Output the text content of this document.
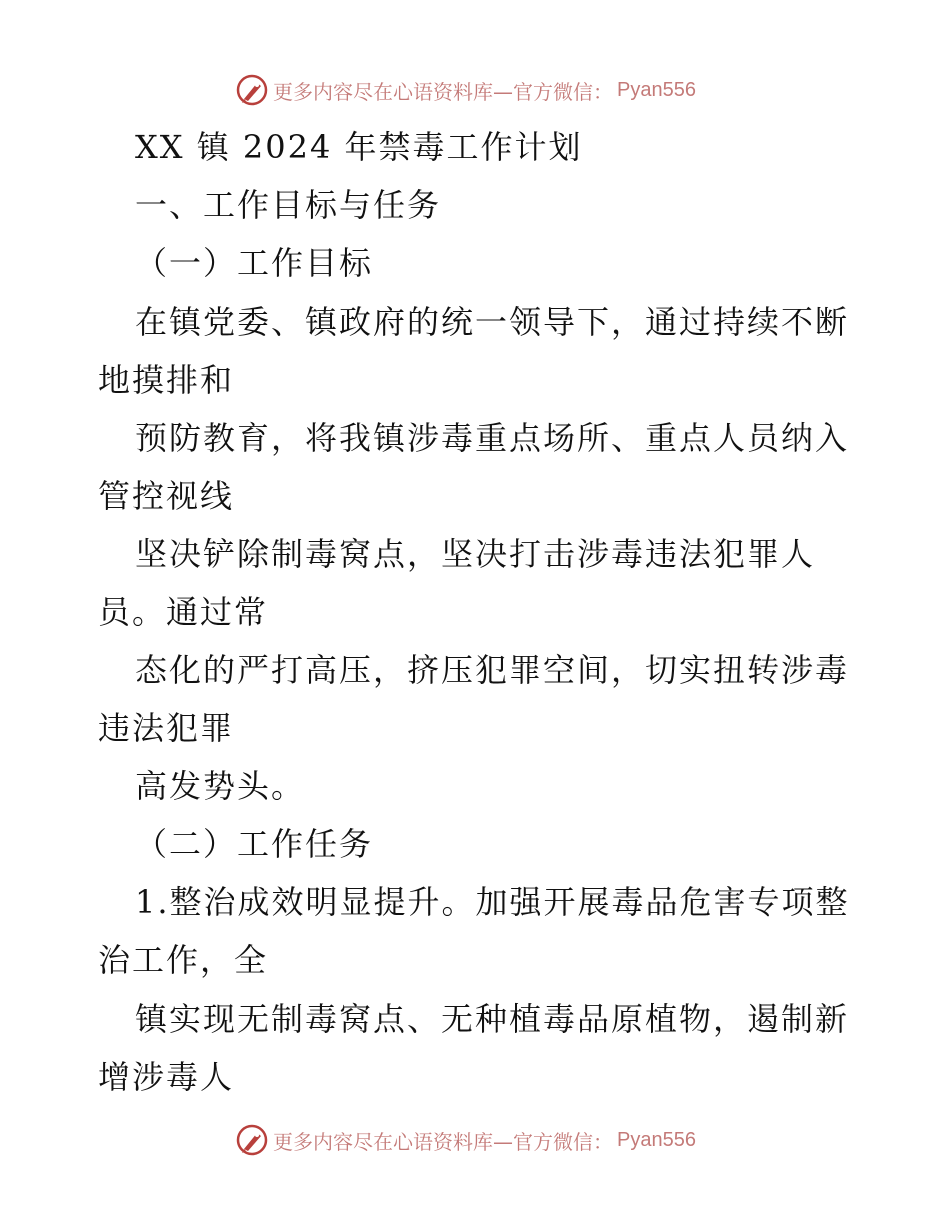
更多内容尽在心语资料库—官方微信： Pyan556
XX 镇 2024 年禁毒工作计划
一、工作目标与任务
（一）工作目标
在镇党委、镇政府的统一领导下，通过持续不断
地摸排和
预防教育，将我镇涉毒重点场所、重点人员纳入
管控视线
坚决铲除制毒窝点，坚决打击涉毒违法犯罪人
员。通过常
态化的严打高压，挤压犯罪空间，切实扭转涉毒
违法犯罪
高发势头。
（二）工作任务
1.整治成效明显提升。加强开展毒品危害专项整
治工作，全
镇实现无制毒窝点、无种植毒品原植物，遏制新
增涉毒人
更多内容尽在心语资料库—官方微信： Pyan556
